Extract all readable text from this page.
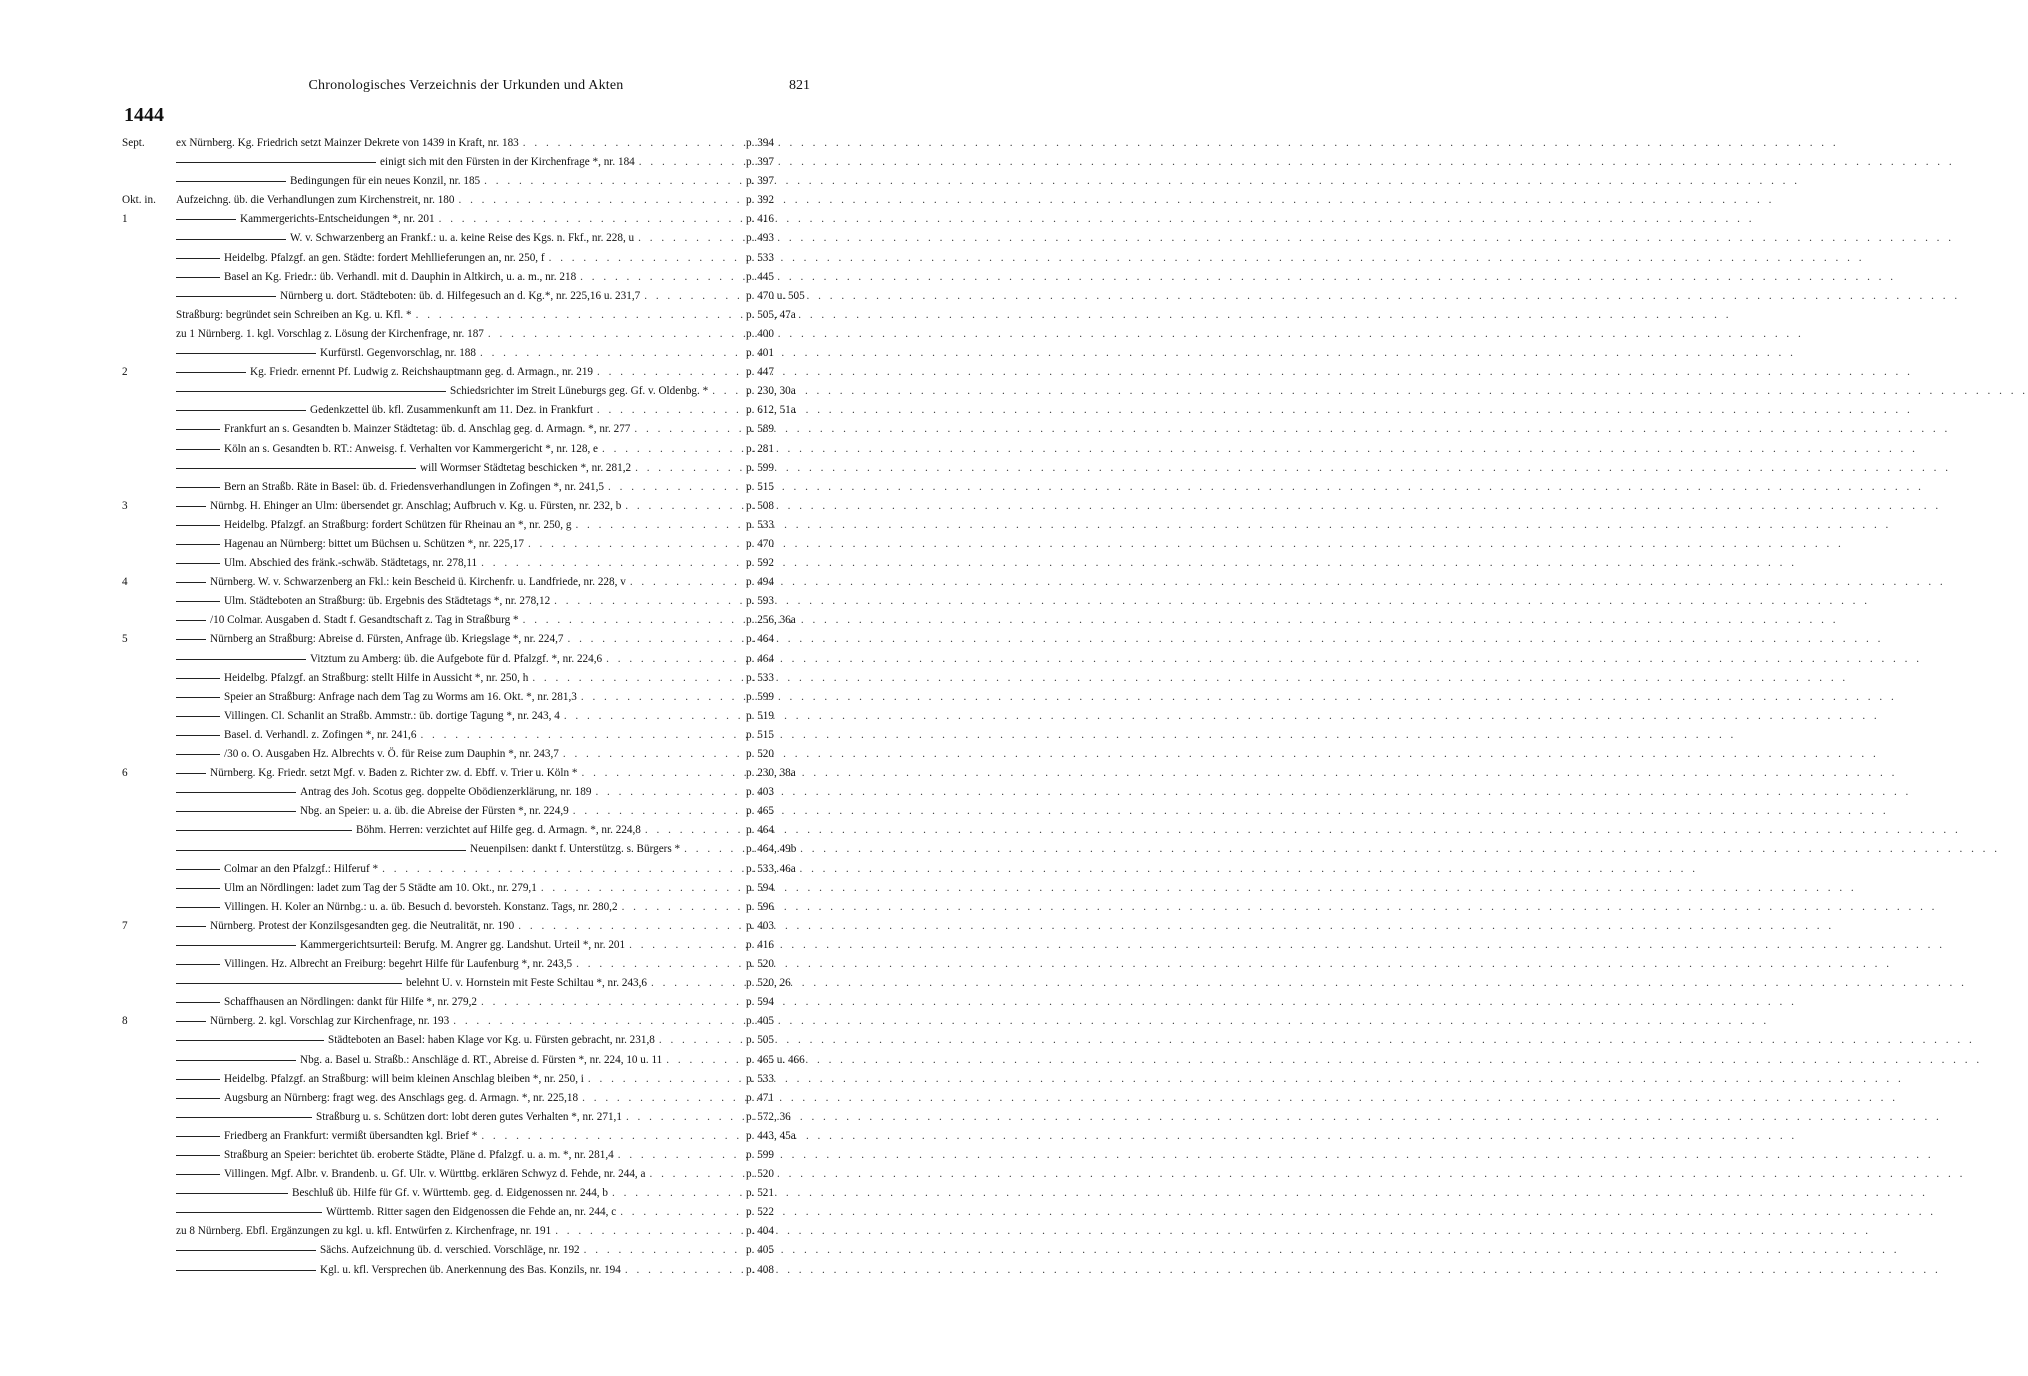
Chronologisches Verzeichnis der Urkunden und Akten	821
1444
Sept.	ex Nürnberg. Kg. Friedrich setzt Mainzer Dekrete von 1439 in Kraft, nr. 183 . . .	p. 394
einigt sich mit den Fürsten in der Kirchenfrage *, nr. 184 . . .	p. 397
Bedingungen für ein neues Konzil, nr. 185 . . .	p. 397
Okt. in.	Aufzeichng. üb. die Verhandlungen zum Kirchenstreit, nr. 180 . . .	p. 392
1	Kammergerichts-Entscheidungen *, nr. 201 . . .	p. 416
W. v. Schwarzenberg an Frankf.: u. a. keine Reise des Kgs. n. Fkf., nr. 228, u . . .	p. 493
Heidelbg. Pfalzgf. an gen. Städte: fordert Mehllieferungen an, nr. 250, f . . .	p. 533
Basel an Kg. Friedr.: üb. Verhandl. mit d. Dauphin in Altkirch, u. a. m., nr. 218 . . .	p. 445
Nürnberg u. dort. Städteboten: üb. d. Hilfegesuch an d. Kg.*, nr. 225,16 u. 231,7 . . .	p. 470 u. 505
Straßburg: begründet sein Schreiben an Kg. u. Kfl. * . . .	p. 505, 47a
zu 1 Nürnberg. 1. kgl. Vorschlag z. Lösung der Kirchenfrage, nr. 187 . . .	p. 400
Kurfürstl. Gegenvorschlag, nr. 188 . . .	p. 401
2	Kg. Friedr. ernennt Pf. Ludwig z. Reichshauptmann geg. d. Armagn., nr. 219 . . .	p. 447
Schiedsrichter im Streit Lüneburgs geg. Gf. v. Oldenbg. * . . .	p. 230, 30a
Gedenkzettel üb. kfl. Zusammenkunft am 11. Dez. in Frankfurt . . .	p. 612, 51a
Frankfurt an s. Gesandten b. Mainzer Städtetag: üb. d. Anschlag geg. d. Armagn. *, nr. 277 . . .	p. 589
Köln an s. Gesandten b. RT.: Anweisg. f. Verhalten vor Kammergericht *, nr. 128, e . . .	p. 281
will Wormser Städtetag beschicken *, nr. 281,2 . . .	p. 599
Bern an Straßb. Räte in Basel: üb. d. Friedensverhandlungen in Zofingen *, nr. 241,5 . . .	p. 515
3	Nürnbg. H. Ehinger an Ulm: übersendet gr. Anschlag; Aufbruch v. Kg. u. Fürsten, nr. 232, b . . .	p. 508
Heidelbg. Pfalzgf. an Straßburg: fordert Schützen für Rheinau an *, nr. 250, g . . .	p. 533
Hagenau an Nürnberg: bittet um Büchsen u. Schützen *, nr. 225,17 . . .	p. 470
Ulm. Abschied des fränk.-schwäb. Städtetags, nr. 278,11 . . .	p. 592
4	Nürnberg. W. v. Schwarzenberg an Fkl.: kein Bescheid ü. Kirchenfr. u. Landfriede, nr. 228, v . . .	p. 494
Ulm. Städteboten an Straßburg: üb. Ergebnis des Städtetags *, nr. 278,12 . . .	p. 593
/10 Colmar. Ausgaben d. Stadt f. Gesandtschaft z. Tag in Straßburg * . . .	p. 256, 36a
5	Nürnberg an Straßburg: Abreise d. Fürsten, Anfrage üb. Kriegslage *, nr. 224,7 . . .	p. 464
Vitztum zu Amberg: üb. die Aufgebote für d. Pfalzgf. *, nr. 224,6 . . .	p. 464
Heidelbg. Pfalzgf. an Straßburg: stellt Hilfe in Aussicht *, nr. 250, h . . .	p. 533
Speier an Straßburg: Anfrage nach dem Tag zu Worms am 16. Okt. *, nr. 281,3 . . .	p. 599
Villingen. Cl. Schanlit an Straßb. Ammstr.: üb. dortige Tagung *, nr. 243, 4 . . .	p. 519
Basel. d. Verhandl. z. Zofingen *, nr. 241,6 . . .	p. 515
/30 o. O. Ausgaben Hz. Albrechts v. Ö. für Reise zum Dauphin *, nr. 243,7 . . .	p. 520
6	Nürnberg. Kg. Friedr. setzt Mgf. v. Baden z. Richter zw. d. Ebff. v. Trier u. Köln * . . .	p. 230, 38a
Antrag des Joh. Scotus geg. doppelte Obödienzerklärung, nr. 189 . . .	p. 403
Nbg. an Speier: u. a. üb. die Abreise der Fürsten *, nr. 224,9 . . .	p. 465
Böhm. Herren: verzichtet auf Hilfe geg. d. Armagn. *, nr. 224,8 . . .	p. 464
Neuenpilsen: dankt f. Unterstützg. s. Bürgers * . . .	p. 464, 49b
Colmar an den Pfalzgf.: Hilferuf * . . .	p. 533, 46a
Ulm an Nördlingen: ladet zum Tag der 5 Städte am 10. Okt., nr. 279,1 . . .	p. 594
Villingen. H. Koler an Nürnbg.: u. a. üb. Besuch d. bevorsteh. Konstanz. Tags, nr. 280,2 . . .	p. 596
7	Nürnberg. Protest der Konzilsgesandten geg. die Neutralität, nr. 190 . . .	p. 403
Kammergerichtsurteil: Berufg. M. Angrer gg. Landshut. Urteil *, nr. 201 . . .	p. 416
Villingen. Hz. Albrecht an Freiburg: begehrt Hilfe für Laufenburg *, nr. 243,5 . . .	p. 520
belehnt U. v. Hornstein mit Feste Schiltau *, nr. 243,6 . . .	p. 520, 26
Schaffhausen an Nördlingen: dankt für Hilfe *, nr. 279,2 . . .	p. 594
8	Nürnberg. 2. kgl. Vorschlag zur Kirchenfrage, nr. 193 . . .	p. 405
Städteboten an Basel: haben Klage vor Kg. u. Fürsten gebracht, nr. 231,8 . . .	p. 505
Nbg. a. Basel u. Straßb.: Anschläge d. RT., Abreise d. Fürsten *, nr. 224, 10 u. 11 . . .	p. 465 u. 466
Heidelbg. Pfalzgf. an Straßburg: will beim kleinen Anschlag bleiben *, nr. 250, i . . .	p. 533
Augsburg an Nürnberg: fragt weg. des Anschlags geg. d. Armagn. *, nr. 225,18 . . .	p. 471
Straßburg u. s. Schützen dort: lobt deren gutes Verhalten *, nr. 271,1 . . .	p. 572, 36
Friedberg an Frankfurt: vermißt übersandten kgl. Brief * . . .	p. 443, 45a
Straßburg an Speier: berichtet üb. eroberte Städte, Pläne d. Pfalzgf. u. a. m. *, nr. 281,4 . . .	p. 599
Villingen. Mgf. Albr. v. Brandenb. u. Gf. Ulr. v. Württbg. erklären Schwyz d. Fehde, nr. 244, a . . .	p. 520
Beschluß üb. Hilfe für Gf. v. Württemb. geg. d. Eidgenossen nr. 244, b . . .	p. 521
Württemb. Ritter sagen den Eidgenossen die Fehde an, nr. 244, c . . .	p. 522
zu 8 Nürnberg. Ebfl. Ergänzungen zu kgl. u. kfl. Entwürfen z. Kirchenfrage, nr. 191 . . .	p. 404
Sächs. Aufzeichnung üb. d. verschied. Vorschläge, nr. 192 . . .	p. 405
Kgl. u. kfl. Versprechen üb. Anerkennung des Bas. Konzils, nr. 194 . . .	p. 408
